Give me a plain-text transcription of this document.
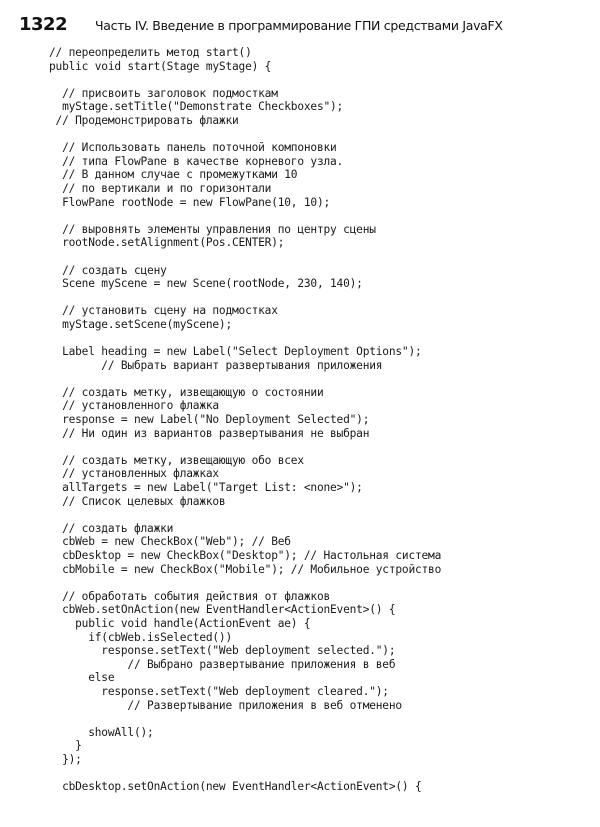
1322 Часть IV. Введение в программирование ГПИ средствами JavaFX
// переопределить метод start()
public void start(Stage myStage) {
// присвоить заголовок подмосткам
myStage.setTitle("Demonstrate Checkboxes");
// Продемонстрировать флажки
// Использовать панель поточной компоновки
// типа FlowPane в качестве корневого узла.
// В данном случае с промежутками 10
// по вертикали и по горизонтали
FlowPane rootNode = new FlowPane(10, 10);
// выровнять элементы управления по центру сцены
rootNode.setAlignment(Pos.CENTER);
// создать сцену
Scene myScene = new Scene(rootNode, 230, 140);
// установить сцену на подмостках
myStage.setScene(myScene);
Label heading = new Label("Select Deployment Options");
// Выбрать вариант развертывания приложения
// создать метку, извещающую о состоянии
// установленного флажка
response = new Label("No Deployment Selected");
// Ни один из вариантов развертывания не выбран
// создать метку, извещающую обо всех
// установленных флажках
allTargets = new Label("Target List: <none>");
// Список целевых флажков
// создать флажки
cbWeb = new CheckBox("Web"); // Веб
cbDesktop = new CheckBox("Desktop"); // Настольная система
cbMobile = new CheckBox("Mobile"); // Мобильное устройство
// обработать события действия от флажков
cbWeb.setOnAction(new EventHandler<ActionEvent>() {
public void handle(ActionEvent ae) {
if(cbWeb.isSelected())
response.setText("Web deployment selected.");
// Выбрано развертывание приложения в веб
else
response.setText("Web deployment cleared.");
// Развертывание приложения в веб отменено
showAll();
}
});
cbDesktop.setOnAction(new EventHandler<ActionEvent>() {
